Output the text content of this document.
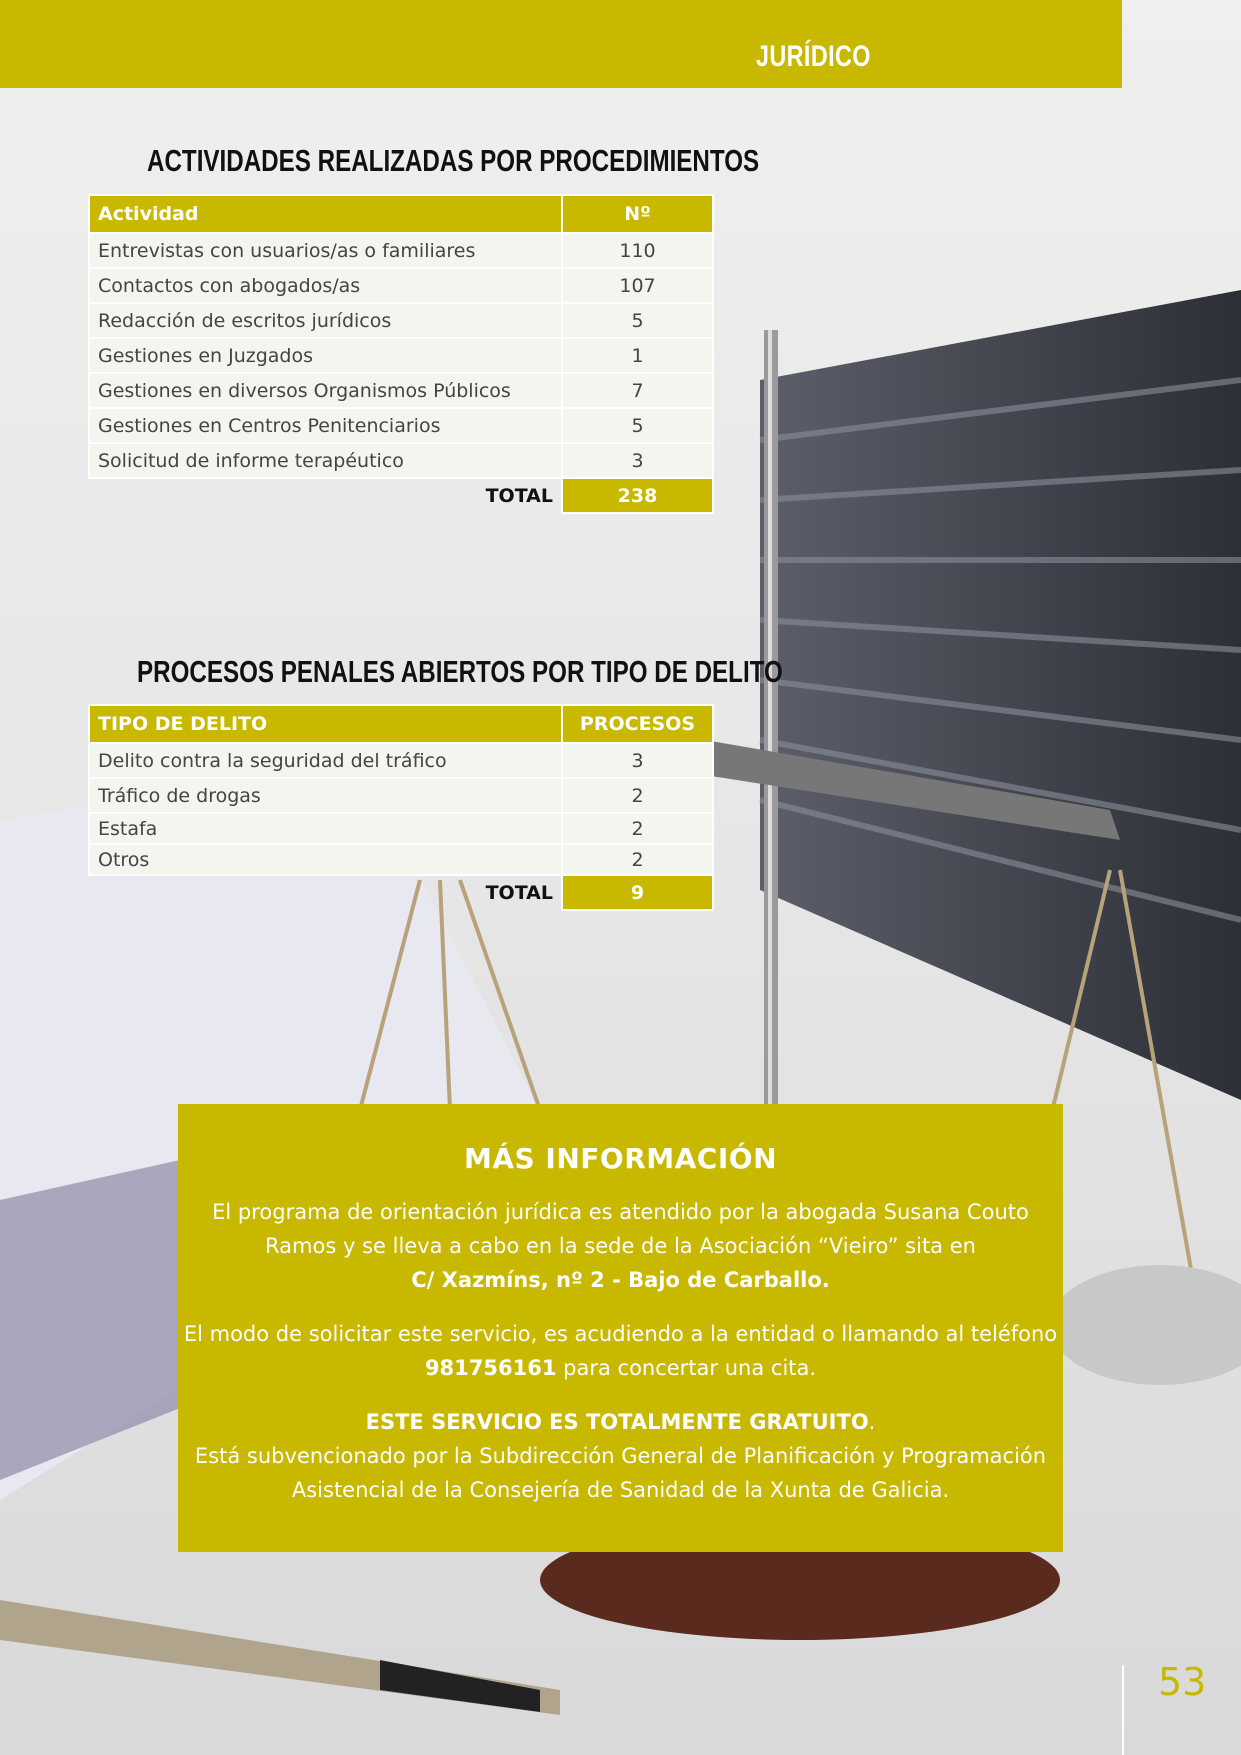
JURÍDICO
ACTIVIDADES REALIZADAS POR PROCEDIMIENTOS
Actividad	Nº
Entrevistas con usuarios/as o familiares	110
Contactos con abogados/as	107
Redacción de escritos jurídicos	5
Gestiones en Juzgados	1
Gestiones en diversos Organismos Públicos	7
Gestiones en Centros Penitenciarios	5
Solicitud de informe terapéutico	3
TOTAL	238
PROCESOS PENALES ABIERTOS POR TIPO DE DELITO
TIPO DE DELITO	PROCESOS
Delito contra la seguridad del tráfico	3
Tráfico de drogas	2
Estafa	2
Otros	2
TOTAL	9
MÁS INFORMACIÓN

El programa de orientación jurídica es atendido por la abogada Susana Couto Ramos y se lleva a cabo en la sede de la Asociación “Vieiro” sita en
C/ Xazmíns, nº 2 - Bajo de Carballo.

El modo de solicitar este servicio, es acudiendo a la entidad o llamando al teléfono 981756161 para concertar una cita.

ESTE SERVICIO ES TOTALMENTE GRATUITO.
Está subvencionado por la Subdirección General de Planificación y Programación Asistencial de la Consejería de Sanidad de la Xunta de Galicia.

53
